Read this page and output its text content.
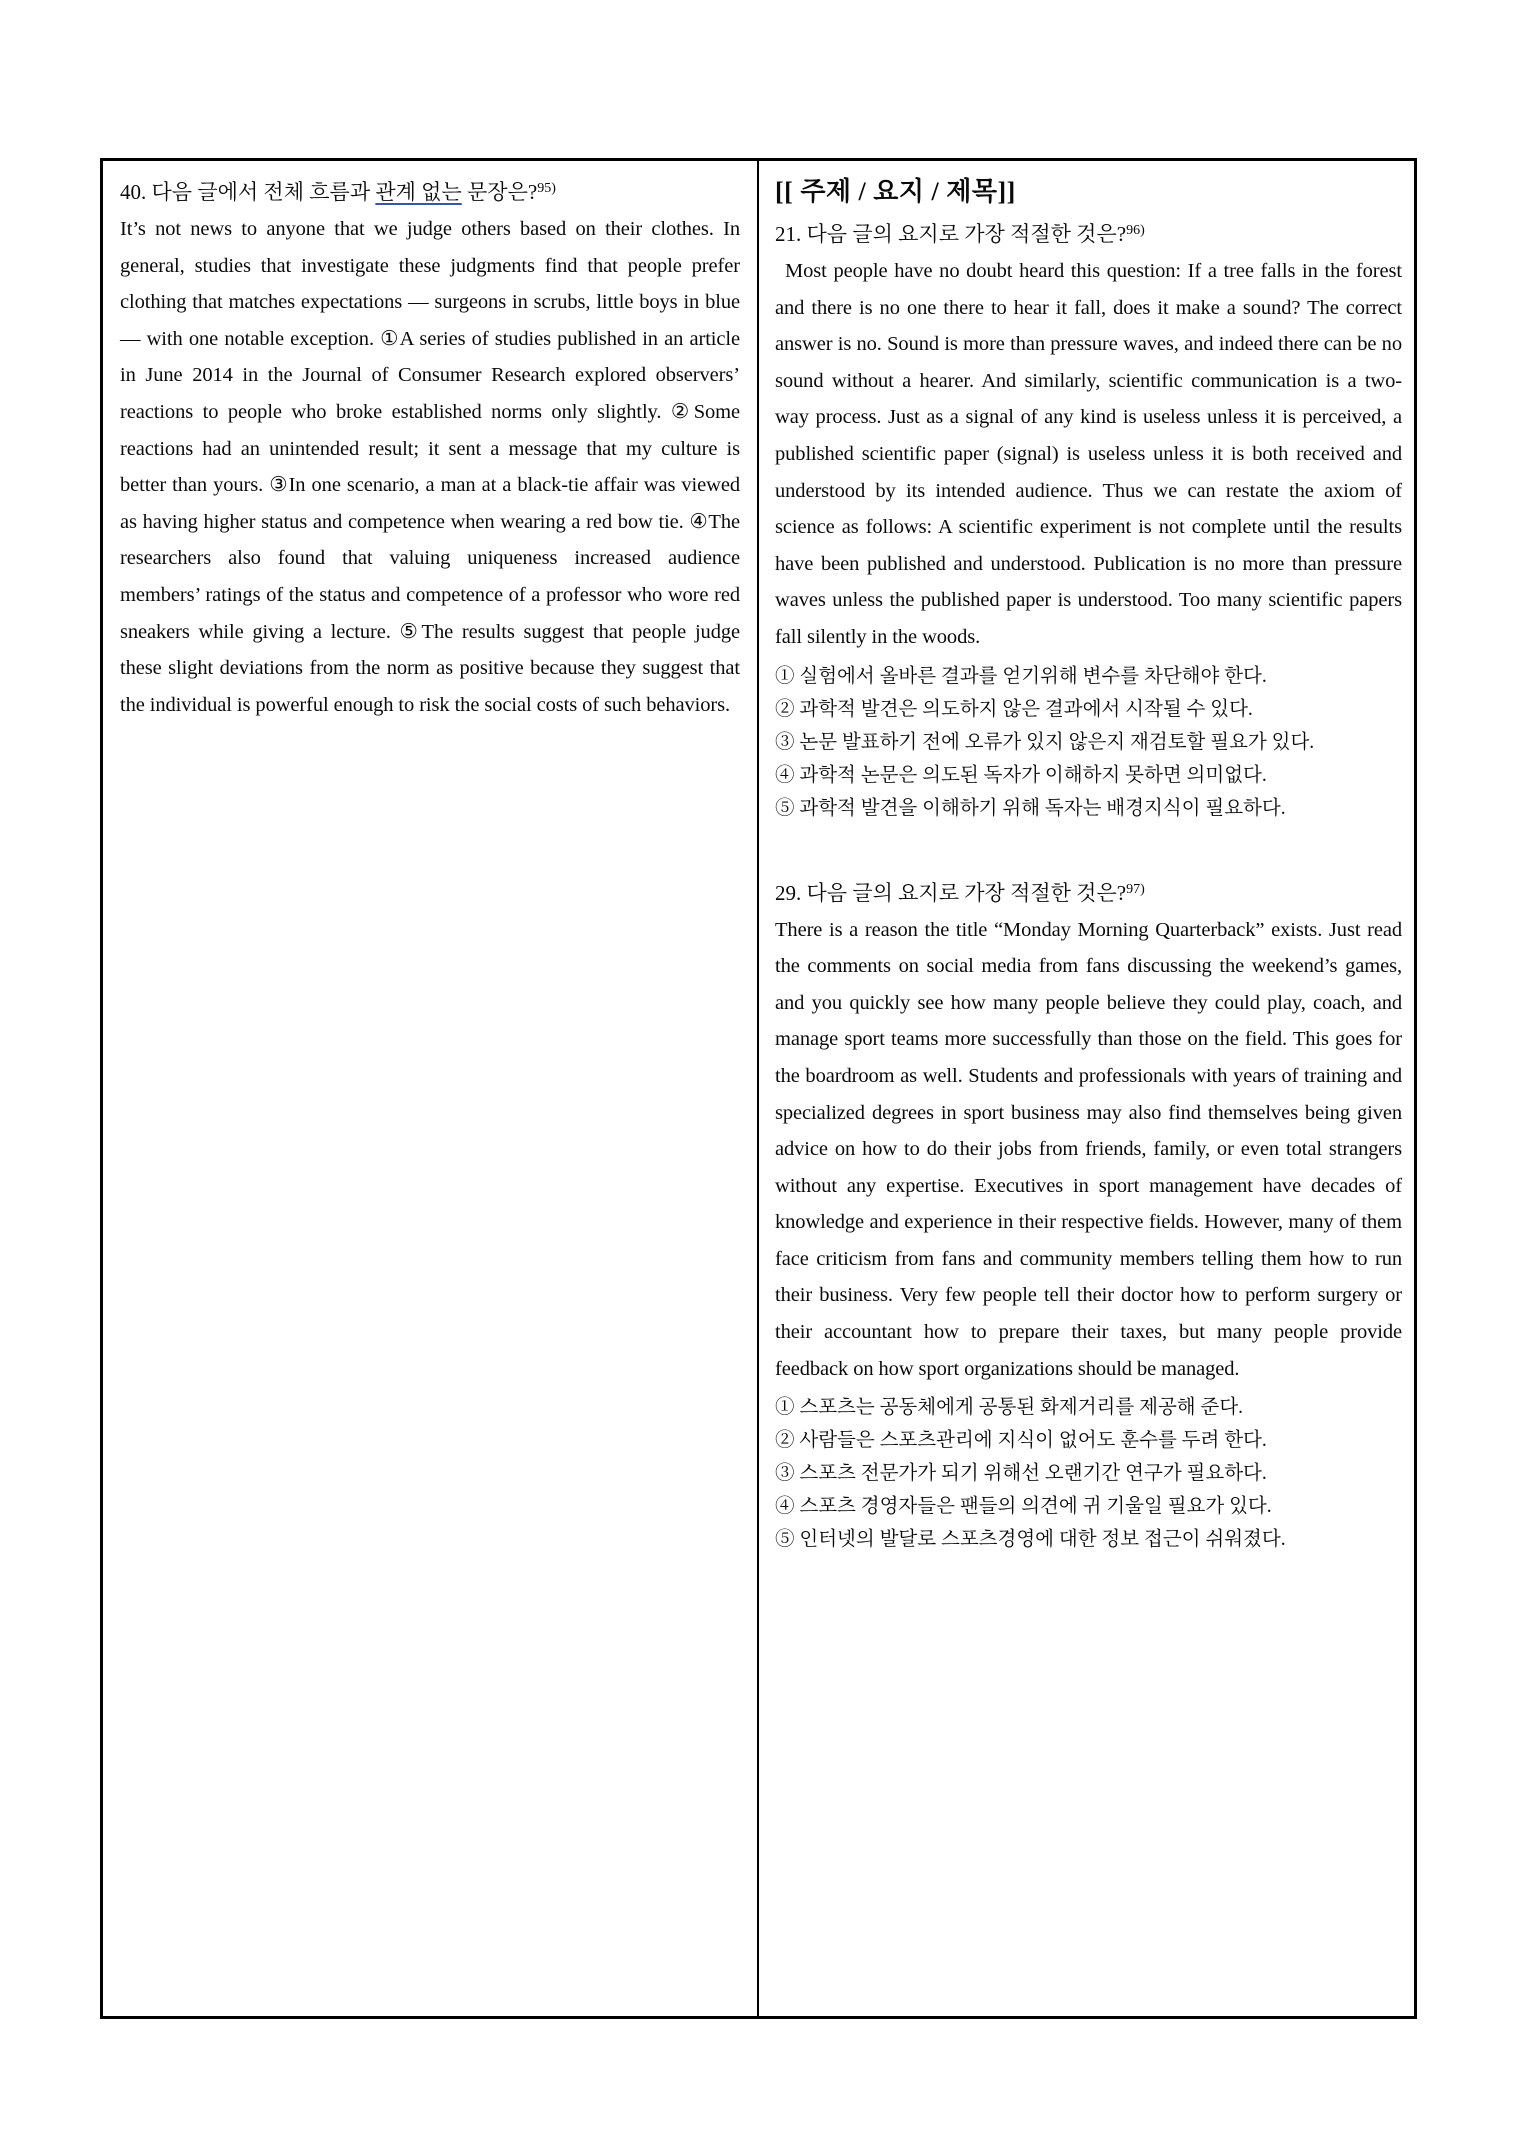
40. 다음 글에서 전체 흐름과 관계 없는 문장은?$^{95)}$
It’s not news to anyone that we judge others based on their clothes. In general, studies that investigate these judgments find that people prefer clothing that matches expectations ― surgeons in scrubs, little boys in blue ― with one notable exception. ①A series of studies published in an article in June 2014 in the Journal of Consumer Research explored observers’ reactions to people who broke established norms only slightly. ②Some reactions had an unintended result; it sent a message that my culture is better than yours. ③In one scenario, a man at a black-tie affair was viewed as having higher status and competence when wearing a red bow tie. ④The researchers also found that valuing uniqueness increased audience members’ ratings of the status and competence of a professor who wore red sneakers while giving a lecture. ⑤The results suggest that people judge these slight deviations from the norm as positive because they suggest that the individual is powerful enough to risk the social costs of such behaviors.
[[ 주제 / 요지 / 제목]]
21. 다음 글의 요지로 가장 적절한 것은?$^{96)}$
Most people have no doubt heard this question: If a tree falls in the forest and there is no one there to hear it fall, does it make a sound? The correct answer is no. Sound is more than pressure waves, and indeed there can be no sound without a hearer. And similarly, scientific communication is a two-way process. Just as a signal of any kind is useless unless it is perceived, a published scientific paper (signal) is useless unless it is both received and understood by its intended audience. Thus we can restate the axiom of science as follows: A scientific experiment is not complete until the results have been published and understood. Publication is no more than pressure waves unless the published paper is understood. Too many scientific papers fall silently in the woods.
① 실험에서 올바른 결과를 얻기위해 변수를 차단해야 한다.
② 과학적 발견은 의도하지 않은 결과에서 시작될 수 있다.
③ 논문 발표하기 전에 오류가 있지 않은지 재검토할 필요가 있다.
④ 과학적 논문은 의도된 독자가 이해하지 못하면 의미없다.
⑤ 과학적 발견을 이해하기 위해 독자는 배경지식이 필요하다.
29. 다음 글의 요지로 가장 적절한 것은?$^{97)}$
There is a reason the title “Monday Morning Quarterback” exists. Just read the comments on social media from fans discussing the weekend’s games, and you quickly see how many people believe they could play, coach, and manage sport teams more successfully than those on the field. This goes for the boardroom as well. Students and professionals with years of training and specialized degrees in sport business may also find themselves being given advice on how to do their jobs from friends, family, or even total strangers without any expertise. Executives in sport management have decades of knowledge and experience in their respective fields. However, many of them face criticism from fans and community members telling them how to run their business. Very few people tell their doctor how to perform surgery or their accountant how to prepare their taxes, but many people provide feedback on how sport organizations should be managed.
① 스포츠는 공동체에게 공통된 화제거리를 제공해 준다.
② 사람들은 스포츠관리에 지식이 없어도 훈수를 두려 한다.
③ 스포츠 전문가가 되기 위해선 오랜기간 연구가 필요하다.
④ 스포츠 경영자들은 팬들의 의견에 귀 기울일 필요가 있다.
⑤ 인터넷의 발달로 스포츠경영에 대한 정보 접근이 쉬워졌다.
